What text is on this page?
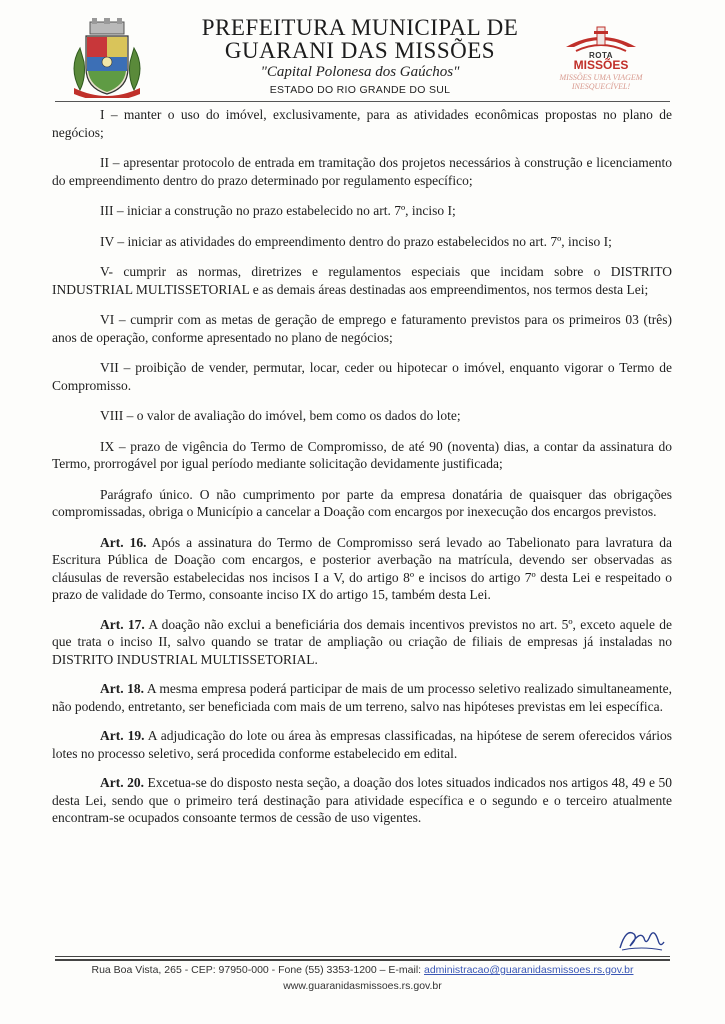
PREFEITURA MUNICIPAL DE
GUARANI DAS MISSÕES
"Capital Polonesa dos Gaúchos"
ESTADO DO RIO GRANDE DO SUL
ROTA
MISSÕES
MISSÕES UMA VIAGEM
INESQUECÍVEL!

I – manter o uso do imóvel, exclusivamente, para as atividades econômicas propostas no plano de negócios;

II – apresentar protocolo de entrada em tramitação dos projetos necessários à construção e licenciamento do empreendimento dentro do prazo determinado por regulamento específico;

III – iniciar a construção no prazo estabelecido no art. 7º, inciso I;

IV – iniciar as atividades do empreendimento dentro do prazo estabelecidos no art. 7º, inciso I;

V- cumprir as normas, diretrizes e regulamentos especiais que incidam sobre o DISTRITO INDUSTRIAL MULTISSETORIAL e as demais áreas destinadas aos empreendimentos, nos termos desta Lei;

VI – cumprir com as metas de geração de emprego e faturamento previstos para os primeiros 03 (três) anos de operação, conforme apresentado no plano de negócios;

VII – proibição de vender, permutar, locar, ceder ou hipotecar o imóvel, enquanto vigorar o Termo de Compromisso.

VIII – o valor de avaliação do imóvel, bem como os dados do lote;

IX – prazo de vigência do Termo de Compromisso, de até 90 (noventa) dias, a contar da assinatura do Termo, prorrogável por igual período mediante solicitação devidamente justificada;

Parágrafo único. O não cumprimento por parte da empresa donatária de quaisquer das obrigações compromissadas, obriga o Município a cancelar a Doação com encargos por inexecução dos encargos previstos.

Art. 16. Após a assinatura do Termo de Compromisso será levado ao Tabelionato para lavratura da Escritura Pública de Doação com encargos, e posterior averbação na matrícula, devendo ser observadas as cláusulas de reversão estabelecidas nos incisos I a V, do artigo 8º e incisos do artigo 7º desta Lei e respeitado o prazo de validade do Termo, consoante inciso IX do artigo 15, também desta Lei.

Art. 17. A doação não exclui a beneficiária dos demais incentivos previstos no art. 5º, exceto aquele de que trata o inciso II, salvo quando se tratar de ampliação ou criação de filiais de empresas já instaladas no DISTRITO INDUSTRIAL MULTISSETORIAL.

Art. 18. A mesma empresa poderá participar de mais de um processo seletivo realizado simultaneamente, não podendo, entretanto, ser beneficiada com mais de um terreno, salvo nas hipóteses previstas em lei específica.

Art. 19. A adjudicação do lote ou área às empresas classificadas, na hipótese de serem oferecidos vários lotes no processo seletivo, será procedida conforme estabelecido em edital.

Art. 20. Excetua-se do disposto nesta seção, a doação dos lotes situados indicados nos artigos 48, 49 e 50 desta Lei, sendo que o primeiro terá destinação para atividade específica e o segundo e o terceiro atualmente encontram-se ocupados consoante termos de cessão de uso vigentes.

Rua Boa Vista, 265 - CEP: 97950-000 - Fone (55) 3353-1200 – E-mail: administracao@guaranidasmissoes.rs.gov.br
www.guaranidasmissoes.rs.gov.br
